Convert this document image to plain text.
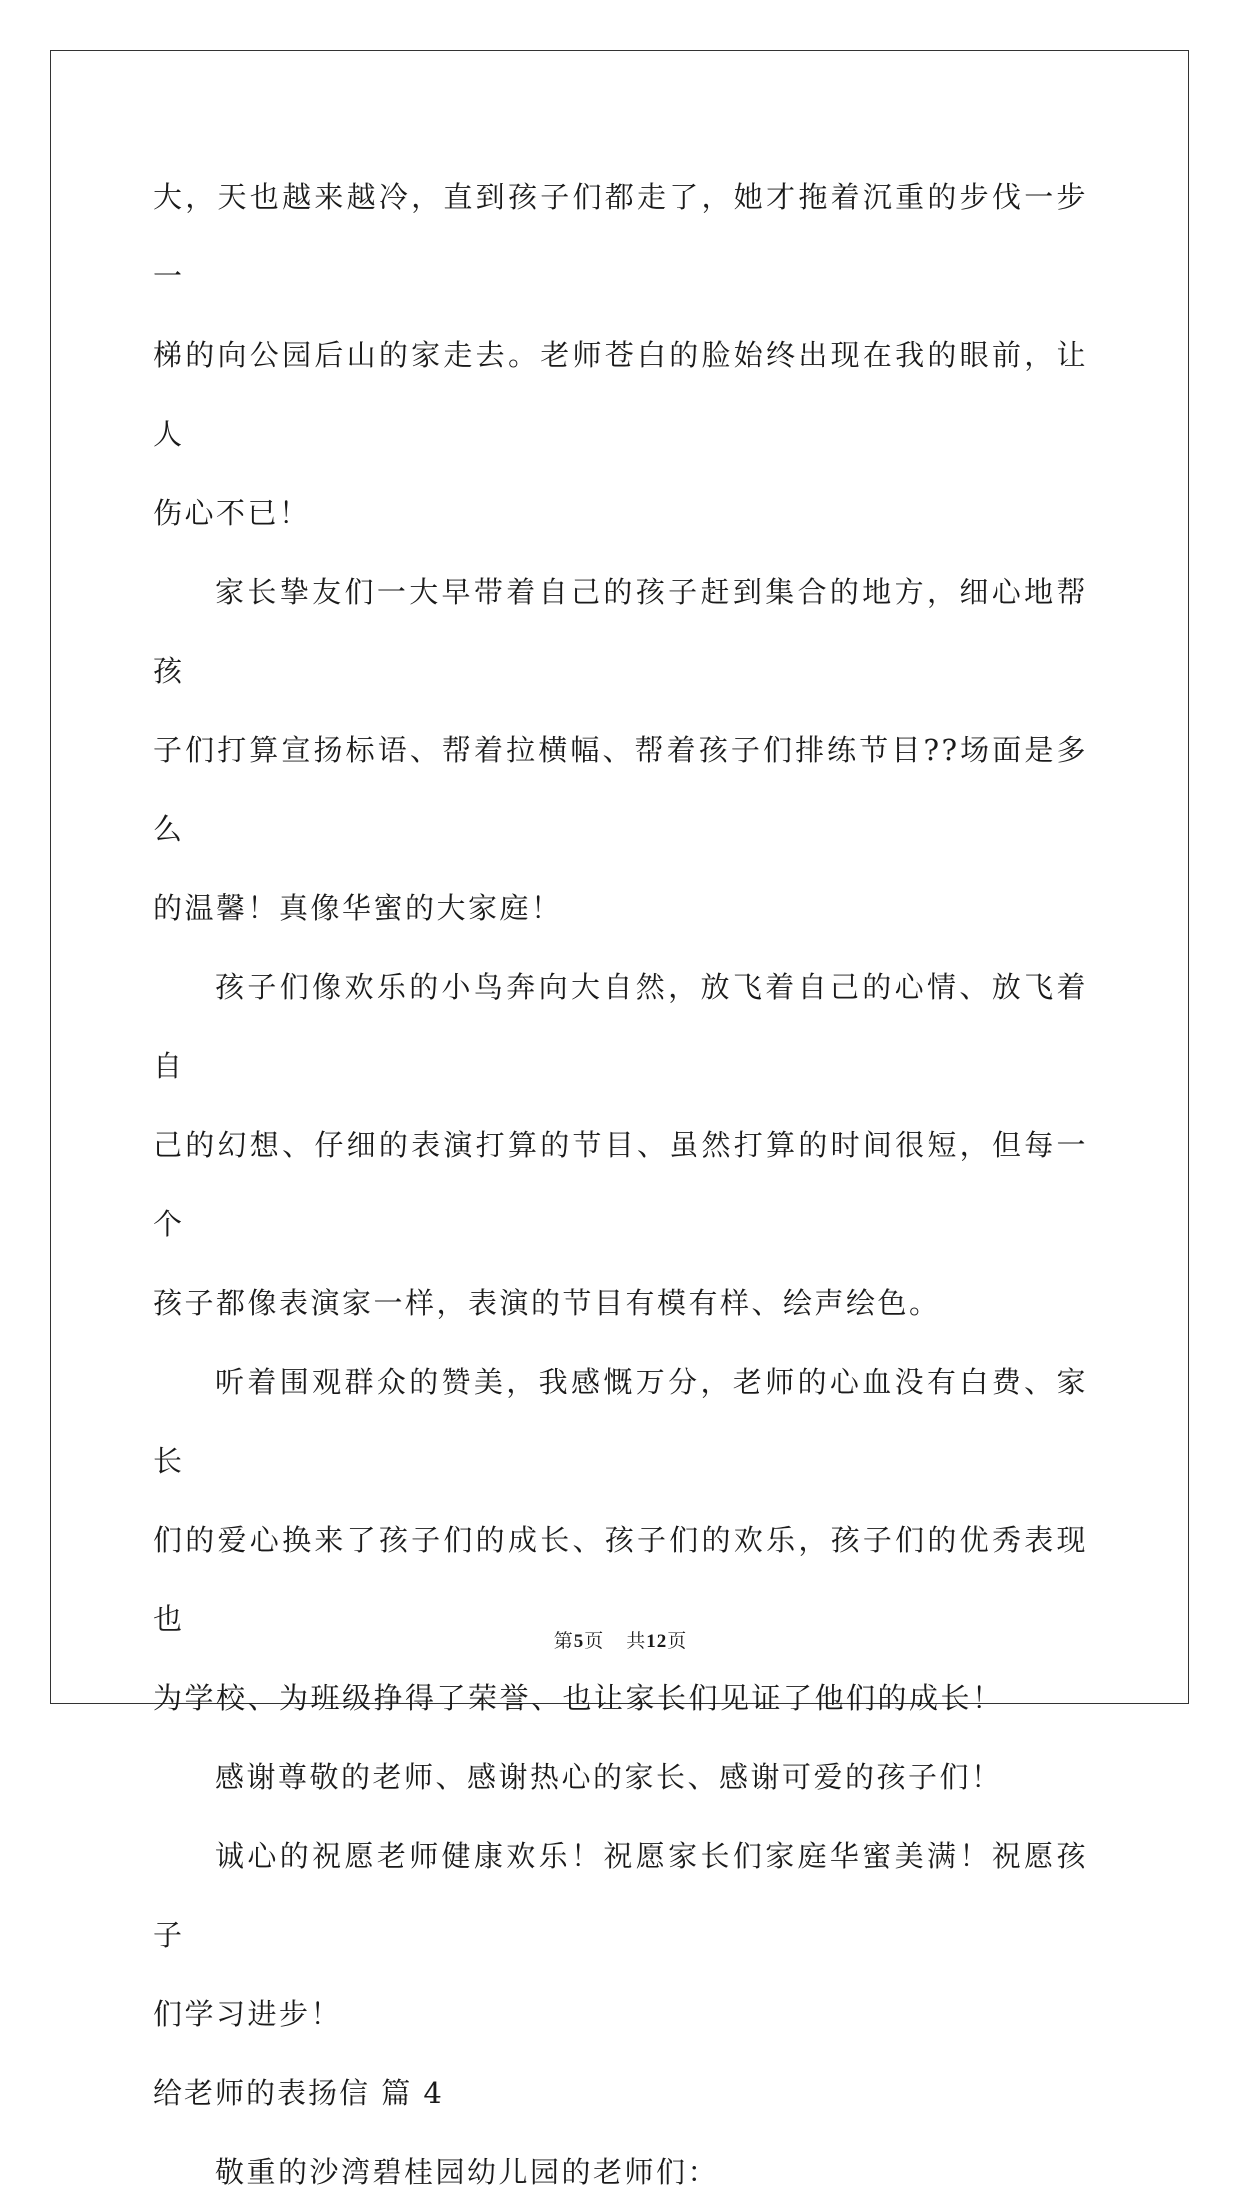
大，天也越来越冷，直到孩子们都走了，她才拖着沉重的步伐一步一
梯的向公园后山的家走去。老师苍白的脸始终出现在我的眼前，让人
伤心不已！
家长挚友们一大早带着自己的孩子赶到集合的地方，细心地帮孩
子们打算宣扬标语、帮着拉横幅、帮着孩子们排练节目??场面是多么
的温馨！真像华蜜的大家庭！
孩子们像欢乐的小鸟奔向大自然，放飞着自己的心情、放飞着自
己的幻想、仔细的表演打算的节目、虽然打算的时间很短，但每一个
孩子都像表演家一样，表演的节目有模有样、绘声绘色。
听着围观群众的赞美，我感慨万分，老师的心血没有白费、家长
们的爱心换来了孩子们的成长、孩子们的欢乐，孩子们的优秀表现也
为学校、为班级挣得了荣誉、也让家长们见证了他们的成长！
感谢尊敬的老师、感谢热心的家长、感谢可爱的孩子们！
诚心的祝愿老师健康欢乐！祝愿家长们家庭华蜜美满！祝愿孩子
们学习进步！
给老师的表扬信 篇 4
敬重的沙湾碧桂园幼儿园的老师们：
第5页 共12页
